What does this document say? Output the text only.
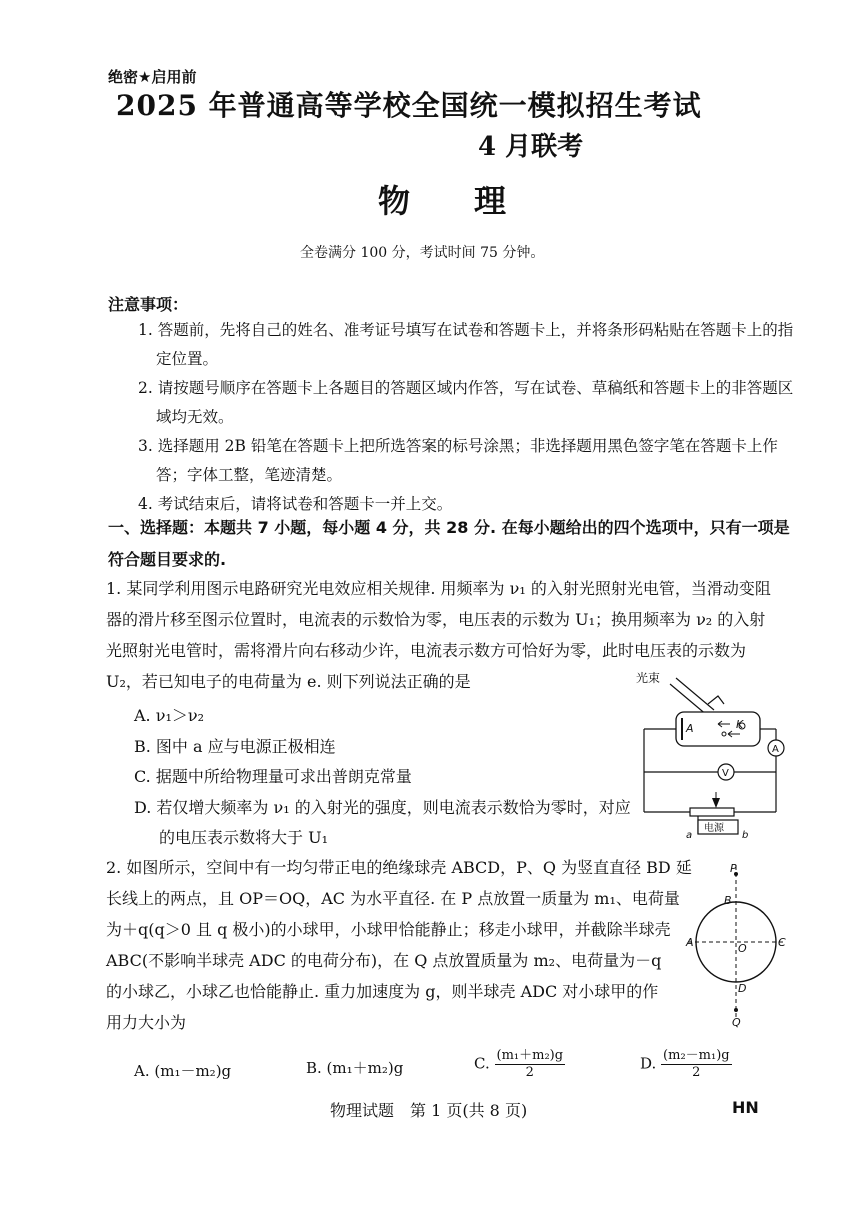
绝密★启用前
2025 年普通高等学校全国统一模拟招生考试
4 月联考
物　　理
全卷满分 100 分，考试时间 75 分钟。
注意事项：

1. 答题前，先将自己的姓名、准考证号填写在试卷和答题卡上，并将条形码粘贴在答题卡上的指定位置。

2. 请按题号顺序在答题卡上各题目的答题区域内作答，写在试卷、草稿纸和答题卡上的非答题区域均无效。

3. 选择题用 2B 铅笔在答题卡上把所选答案的标号涂黑；非选择题用黑色签字笔在答题卡上作答；字体工整，笔迹清楚。

4. 考试结束后，请将试卷和答题卡一并上交。

一、选择题：本题共 7 小题，每小题 4 分，共 28 分. 在每小题给出的四个选项中，只有一项是符合题目要求的.
1. 某同学利用图示电路研究光电效应相关规律. 用频率为 ν₁ 的入射光照射光电管，当滑动变阻
器的滑片移至图示位置时，电流表的示数恰为零，电压表的示数为 U₁；换用频率为 ν₂ 的入射
光照射光电管时，需将滑片向右移动少许，电流表示数方可恰好为零，此时电压表的示数为
U₂，若已知电子的电荷量为 e. 则下列说法正确的是
A. ν₁＞ν₂
B. 图中 a 应与电源正极相连
C. 据题中所给物理量可求出普朗克常量
D. 若仅增大频率为 ν₁ 的入射光的强度，则电流表示数恰为零时，对应
的电压表示数将大于 U₁
光束
A	K
A
V
电源
a	b
2. 如图所示，空间中有一均匀带正电的绝缘球壳 ABCD，P、Q 为竖直直径 BD 延
长线上的两点，且 OP＝OQ，AC 为水平直径. 在 P 点放置一质量为 m₁、电荷量
为＋q(q＞0 且 q 极小)的小球甲，小球甲恰能静止；移走小球甲，并截除半球壳
ABC(不影响半球壳 ADC 的电荷分布)，在 Q 点放置质量为 m₂、电荷量为－q
的小球乙，小球乙也恰能静止. 重力加速度为 g，则半球壳 ADC 对小球甲的作
用力大小为
P
B
A	O	C
D
Q
A. (m₁－m₂)g	B. (m₁＋m₂)g	C. $\frac{\text{(m₁＋m₂)g}}{2}$	D. $\frac{\text{(m₂－m₁)g}}{2}$
物理试题　第 1 页(共 8 页)	HN
